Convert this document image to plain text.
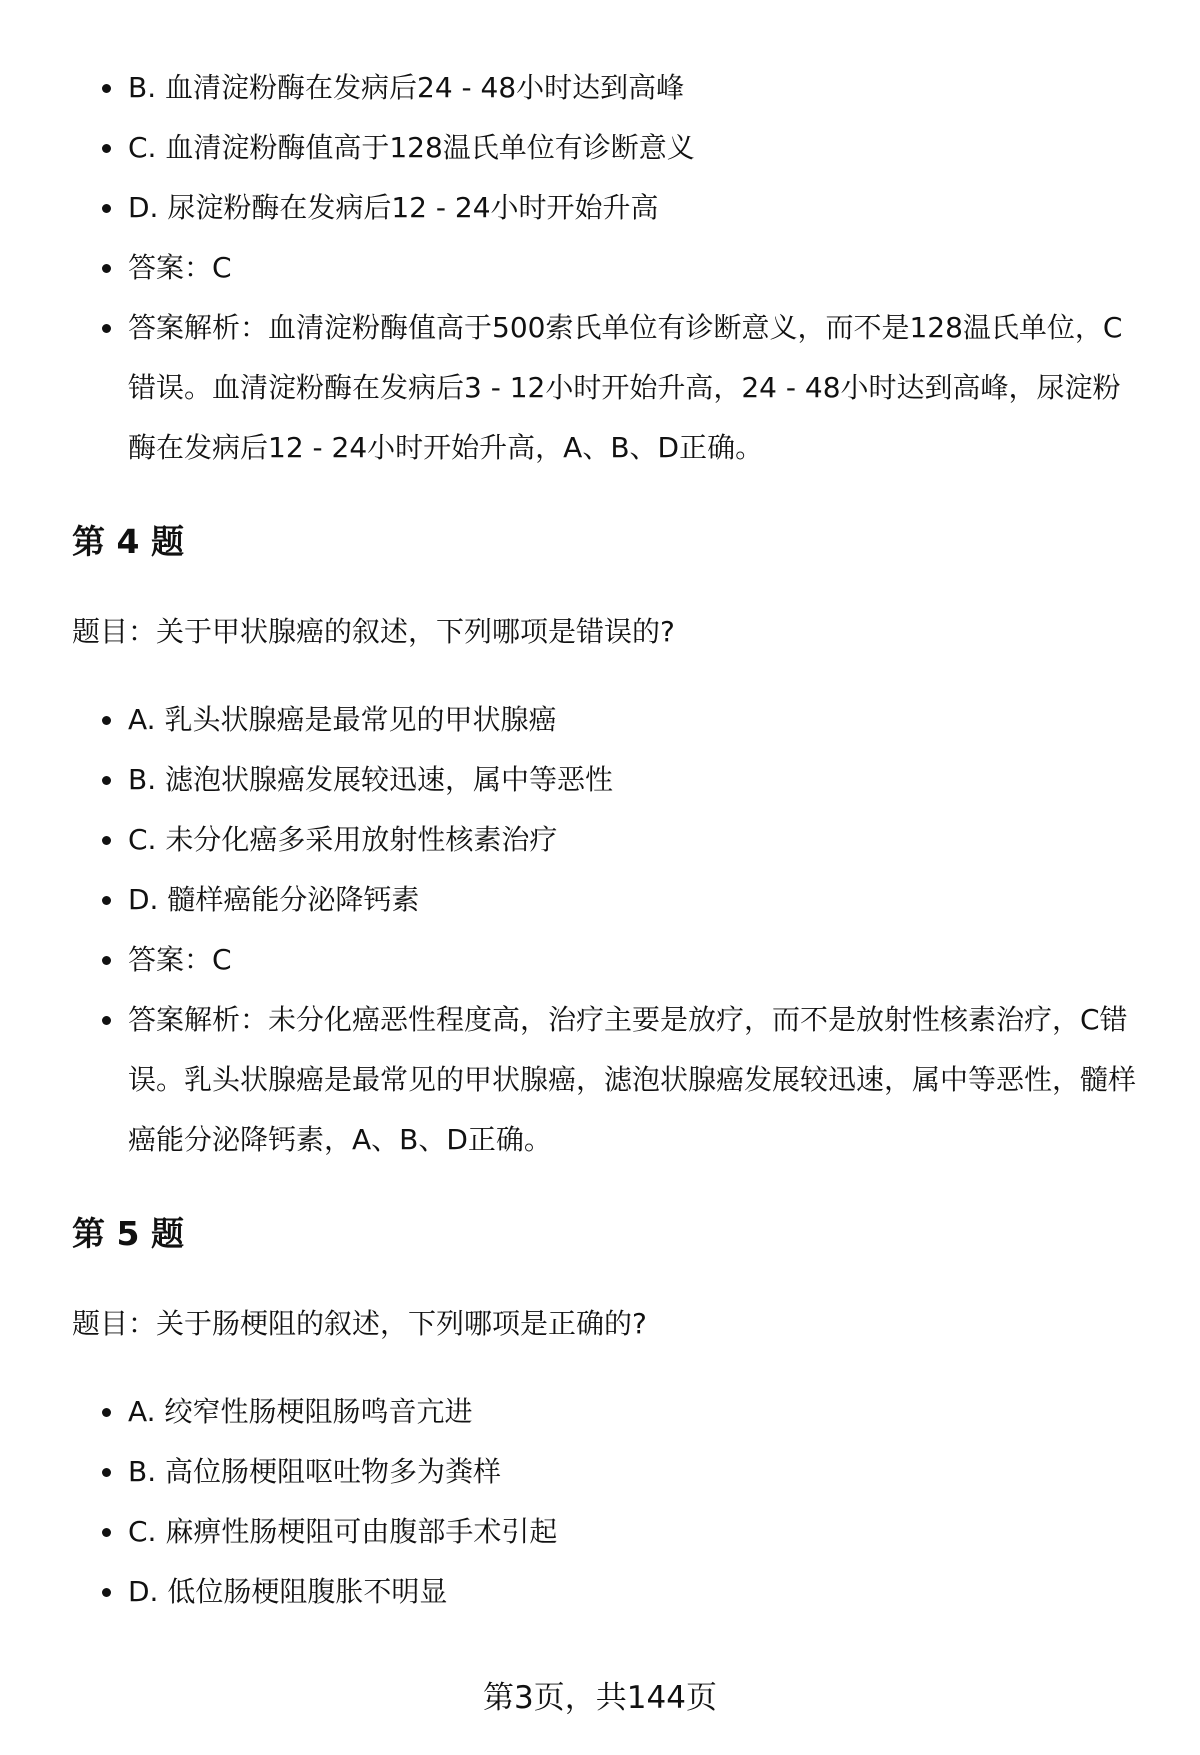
B. 血清淀粉酶在发病后24 - 48小时达到高峰
C. 血清淀粉酶值高于128温氏单位有诊断意义
D. 尿淀粉酶在发病后12 - 24小时开始升高
答案：C
答案解析：血清淀粉酶值高于500索氏单位有诊断意义，而不是128温氏单位，C错误。血清淀粉酶在发病后3 - 12小时开始升高，24 - 48小时达到高峰，尿淀粉酶在发病后12 - 24小时开始升高，A、B、D正确。
第 4 题
题目：关于甲状腺癌的叙述，下列哪项是错误的?
A. 乳头状腺癌是最常见的甲状腺癌
B. 滤泡状腺癌发展较迅速，属中等恶性
C. 未分化癌多采用放射性核素治疗
D. 髓样癌能分泌降钙素
答案：C
答案解析：未分化癌恶性程度高，治疗主要是放疗，而不是放射性核素治疗，C错误。乳头状腺癌是最常见的甲状腺癌，滤泡状腺癌发展较迅速，属中等恶性，髓样癌能分泌降钙素，A、B、D正确。
第 5 题
题目：关于肠梗阻的叙述，下列哪项是正确的?
A. 绞窄性肠梗阻肠鸣音亢进
B. 高位肠梗阻呕吐物多为粪样
C. 麻痹性肠梗阻可由腹部手术引起
D. 低位肠梗阻腹胀不明显
第3页，共144页
